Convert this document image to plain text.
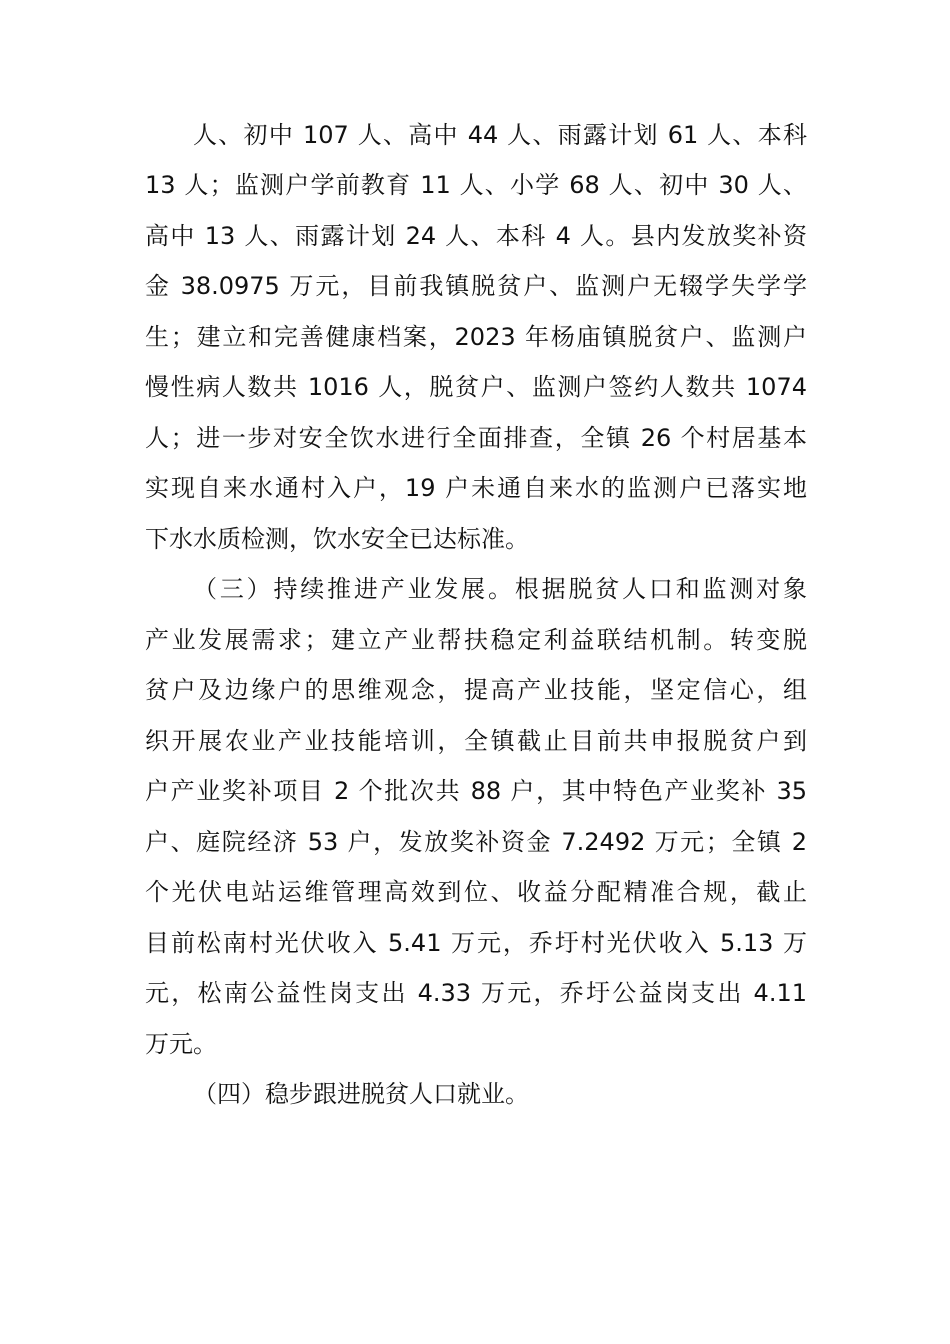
人、初中 107 人、高中 44 人、雨露计划 61 人、本科
13 人；监测户学前教育 11 人、小学 68 人、初中 30 人、
高中 13 人、雨露计划 24 人、本科 4 人。县内发放奖补资
金 38.0975 万元，目前我镇脱贫户、监测户无辍学失学学
生；建立和完善健康档案，2023 年杨庙镇脱贫户、监测户
慢性病人数共 1016 人，脱贫户、监测户签约人数共 1074
人；进一步对安全饮水进行全面排查，全镇 26 个村居基本
实现自来水通村入户，19 户未通自来水的监测户已落实地
下水水质检测，饮水安全已达标准。
（三）持续推进产业发展。根据脱贫人口和监测对象
产业发展需求；建立产业帮扶稳定利益联结机制。转变脱
贫户及边缘户的思维观念，提高产业技能，坚定信心，组
织开展农业产业技能培训，全镇截止目前共申报脱贫户到
户产业奖补项目 2 个批次共 88 户，其中特色产业奖补 35
户、庭院经济 53 户，发放奖补资金 7.2492 万元；全镇 2
个光伏电站运维管理高效到位、收益分配精准合规，截止
目前松南村光伏收入 5.41 万元，乔圩村光伏收入 5.13 万
元，松南公益性岗支出 4.33 万元，乔圩公益岗支出 4.11
万元。
（四）稳步跟进脱贫人口就业。
